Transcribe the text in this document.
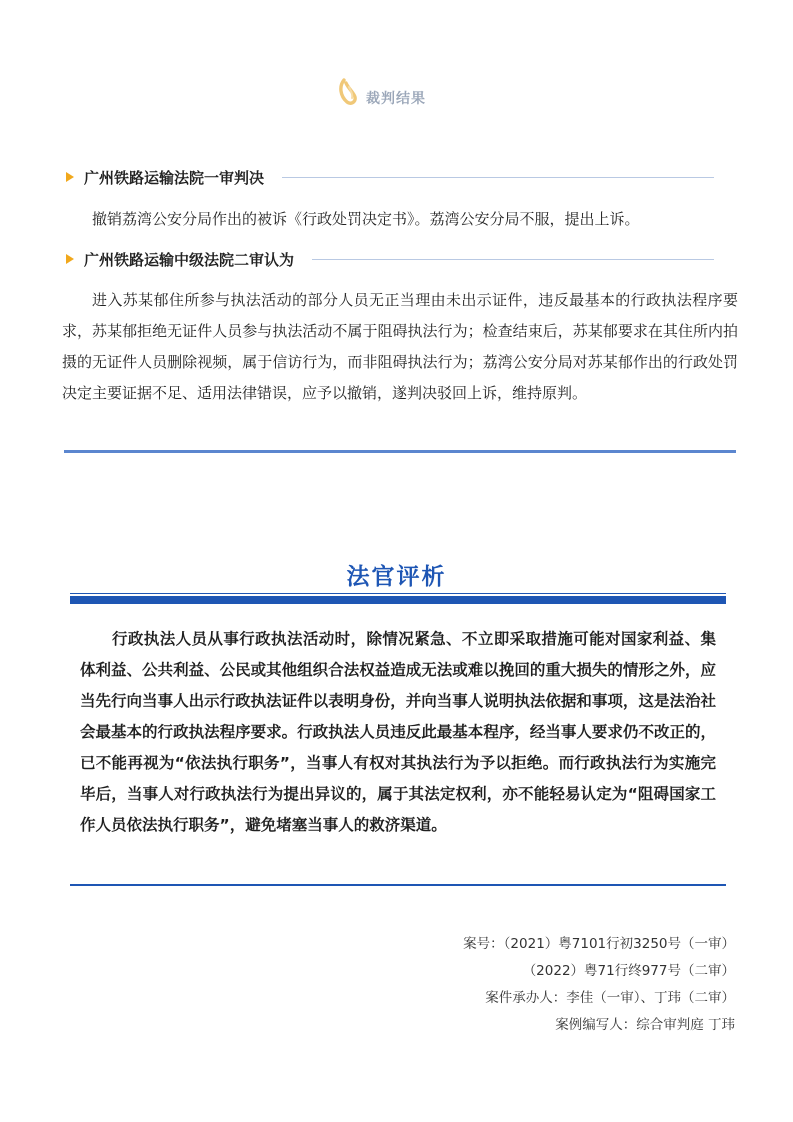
裁判结果
广州铁路运输法院一审判决

撤销荔湾公安分局作出的被诉《行政处罚决定书》。荔湾公安分局不服，提出上诉。

广州铁路运输中级法院二审认为

进入苏某郁住所参与执法活动的部分人员无正当理由未出示证件，违反最基本的行政执法程序要求，苏某郁拒绝无证件人员参与执法活动不属于阻碍执法行为；检查结束后，苏某郁要求在其住所内拍摄的无证件人员删除视频，属于信访行为，而非阻碍执法行为；荔湾公安分局对苏某郁作出的行政处罚决定主要证据不足、适用法律错误，应予以撤销，遂判决驳回上诉，维持原判。

法官评析

行政执法人员从事行政执法活动时，除情况紧急、不立即采取措施可能对国家利益、集体利益、公共利益、公民或其他组织合法权益造成无法或难以挽回的重大损失的情形之外，应当先行向当事人出示行政执法证件以表明身份，并向当事人说明执法依据和事项，这是法治社会最基本的行政执法程序要求。行政执法人员违反此最基本程序，经当事人要求仍不改正的，已不能再视为“依法执行职务”，当事人有权对其执法行为予以拒绝。而行政执法行为实施完毕后，当事人对行政执法行为提出异议的，属于其法定权利，亦不能轻易认定为“阻碍国家工作人员依法执行职务”，避免堵塞当事人的救济渠道。

案号：（2021）粤7101行初3250号（一审）
（2022）粤71行终977号（二审）
案件承办人：李佳（一审）、丁玮（二审）
案例编写人：综合审判庭 丁玮
